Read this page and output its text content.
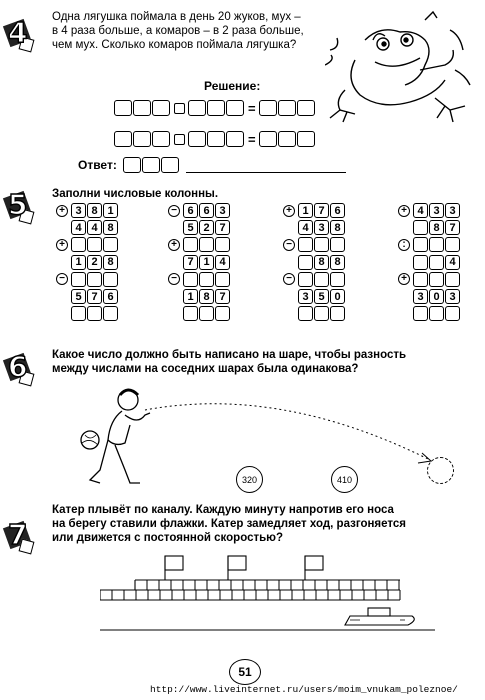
4 Одна лягушка поймала в день 20 жуков, мух –
в 4 раза больше, а комаров – в 2 раза больше,
чем мух. Сколько комаров поймала лягушка?
Решение:
=
=
Ответ:
5 Заполни числовые колонны.
+ 3 8 1
4 4 8
+
1 2 8
−
5 7 6
− 6 6 3
5 2 7
+
7 1 4
−
1 8 7
+ 1 7 6
4 3 8
−
8 8
−
3 5 0
+ 4 3 3
8 7
:
4
+
3 0 3
6 Какое число должно быть написано на шаре, чтобы разность
между числами на соседних шарах была одинакова?
320	410
7
Катер плывёт по каналу. Каждую минуту напротив его носа
на берегу ставили флажки. Катер замедляет ход, разгоняется
или движется с постоянной скоростью?
51
http://www.liveinternet.ru/users/moim_vnukam_poleznoe/
